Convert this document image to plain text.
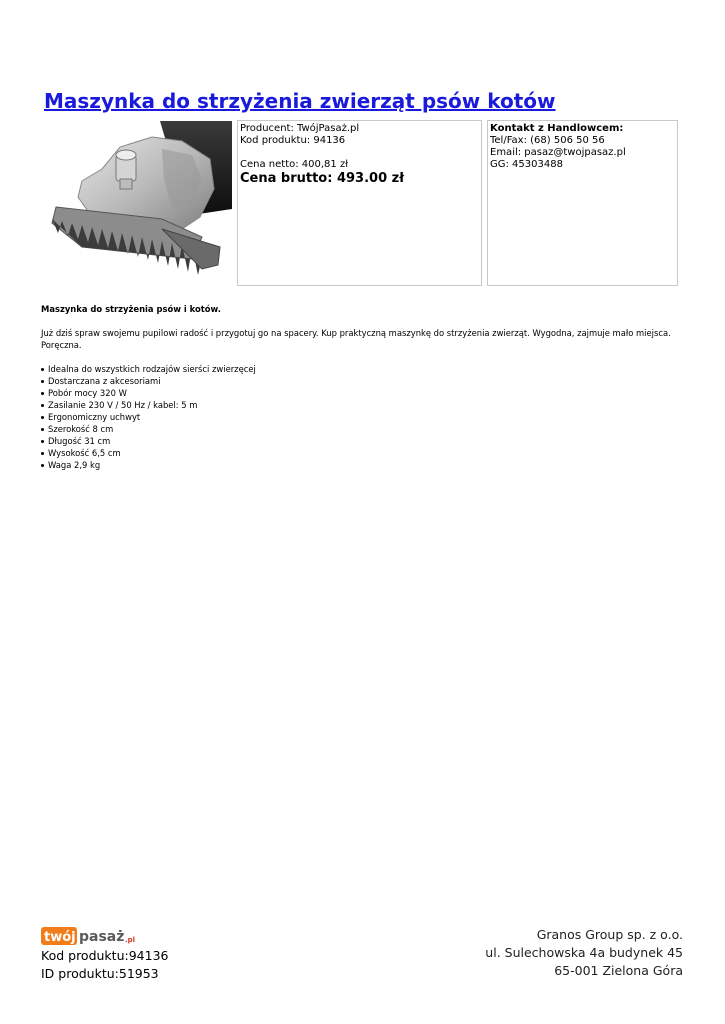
Maszynka do strzyżenia zwierząt psów kotów
Producent: TwójPasaż.pl
Kod produktu: 94136
Cena netto: 400,81 zł
Cena brutto: 493.00 zł
Kontakt z Handlowcem:
Tel/Fax: (68) 506 50 56
Email: pasaz@twojpasaz.pl
GG: 45303488

Maszynka do strzyżenia psów i kotów.

Już dziś spraw swojemu pupilowi radość i przygotuj go na spacery. Kup praktyczną maszynkę do strzyżenia zwierząt. Wygodna, zajmuje mało miejsca. Poręczna.

Idealna do wszystkich rodzajów sierści zwierzęcej
Dostarczana z akcesoriami
Pobór mocy 320 W
Zasilanie 230 V / 50 Hz / kabel: 5 m
Ergonomiczny uchwyt
Szerokość 8 cm
Długość 31 cm
Wysokość 6,5 cm
Waga 2,9 kg
twój pasaż .pl
Kod produktu:94136
ID produktu:51953
Granos Group sp. z o.o.
ul. Sulechowska 4a budynek 45
65-001 Zielona Góra
